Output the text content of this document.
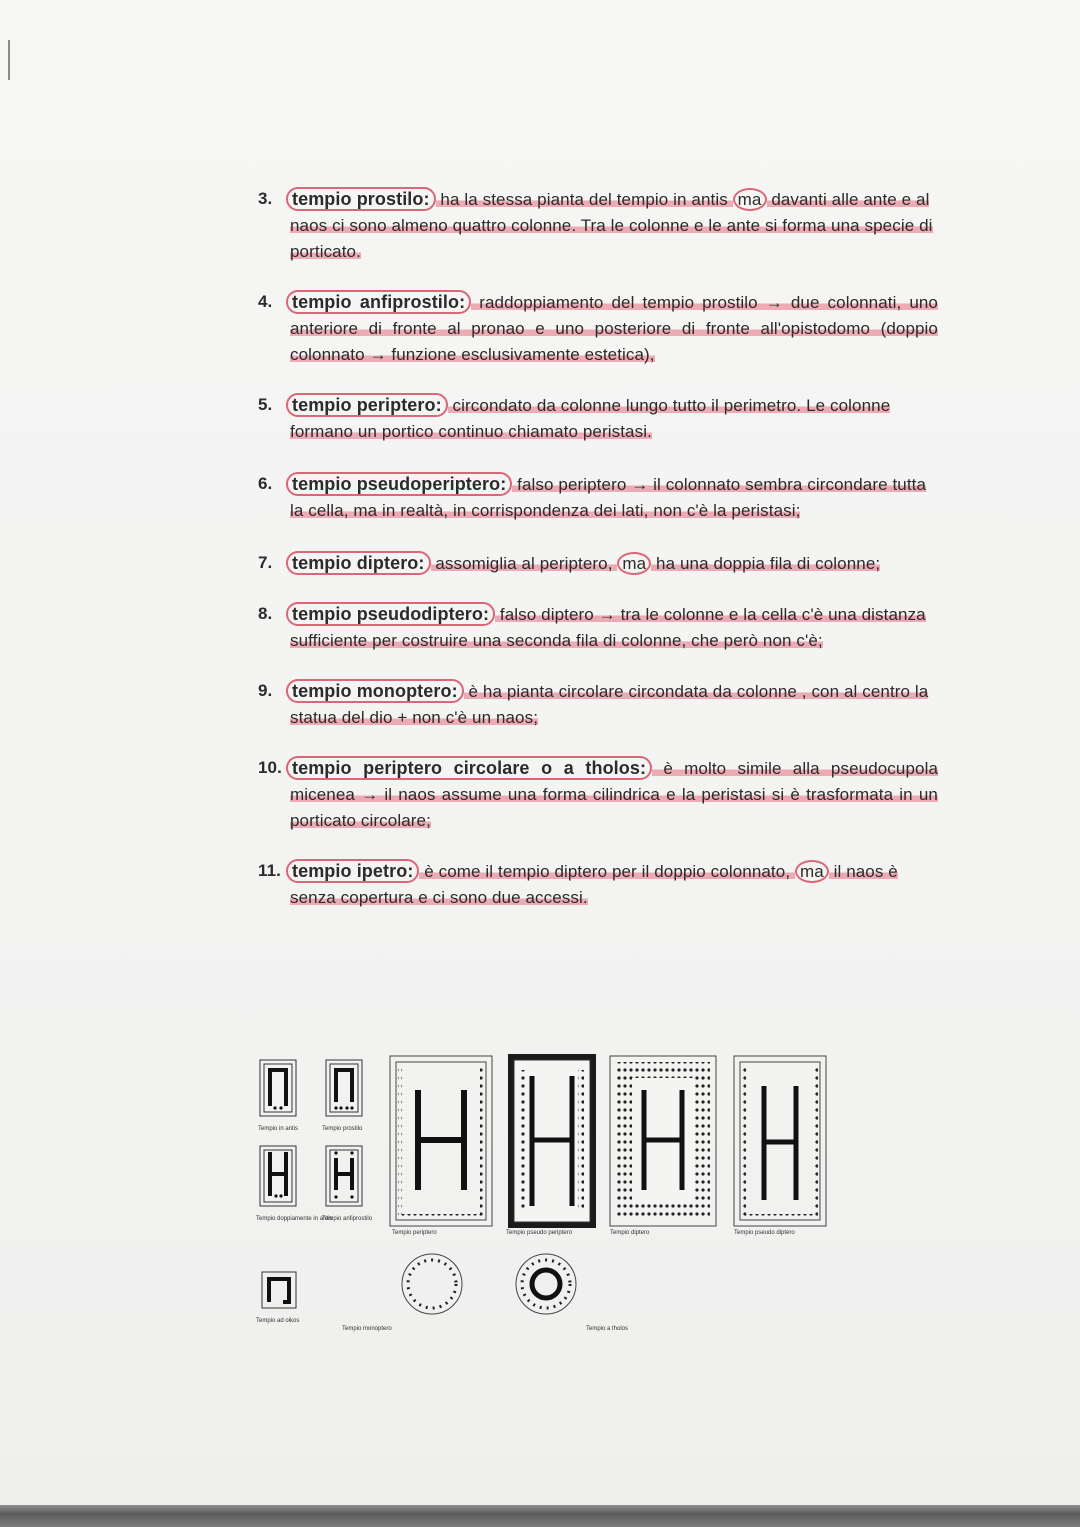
3. tempio prostilo: ha la stessa pianta del tempio in antis ma davanti alle ante e al naos ci sono almeno quattro colonne. Tra le colonne e le ante si forma una specie di porticato.
4. tempio anfiprostilo: raddoppiamento del tempio prostilo → due colonnati, uno anteriore di fronte al pronao e uno posteriore di fronte all'opistodomo (doppio colonnato → funzione esclusivamente estetica),
5. tempio periptero: circondato da colonne lungo tutto il perimetro. Le colonne formano un portico continuo chiamato peristasi.
6. tempio pseudoperiptero: falso periptero → il colonnato sembra circondare tutta la cella, ma in realtà, in corrispondenza dei lati, non c'è la peristasi;
7. tempio diptero: assomiglia al periptero, ma ha una doppia fila di colonne;
8. tempio pseudodiptero: falso diptero → tra le colonne e la cella c'è una distanza sufficiente per costruire una seconda fila di colonne, che però non c'è;
9. tempio monoptero: è ha pianta circolare circondata da colonne , con al centro la statua del dio + non c'è un naos;
10. tempio periptero circolare o a tholos: è molto simile alla pseudocupola micenea → il naos assume una forma cilindrica e la peristasi si è trasformata in un porticato circolare;
11. tempio ipetro: è come il tempio diptero per il doppio colonnato, ma il naos è senza copertura e ci sono due accessi.
Tempio in antis	Tempio prostilo
Tempio doppiamente in antis
Tempio anfiprostilo
Tempio ad oikos
Tempio periptero	Tempio pseudo periptero	Tempio diptero	Tempio pseudo diptero
Tempio monoptero	Tempio a tholos
